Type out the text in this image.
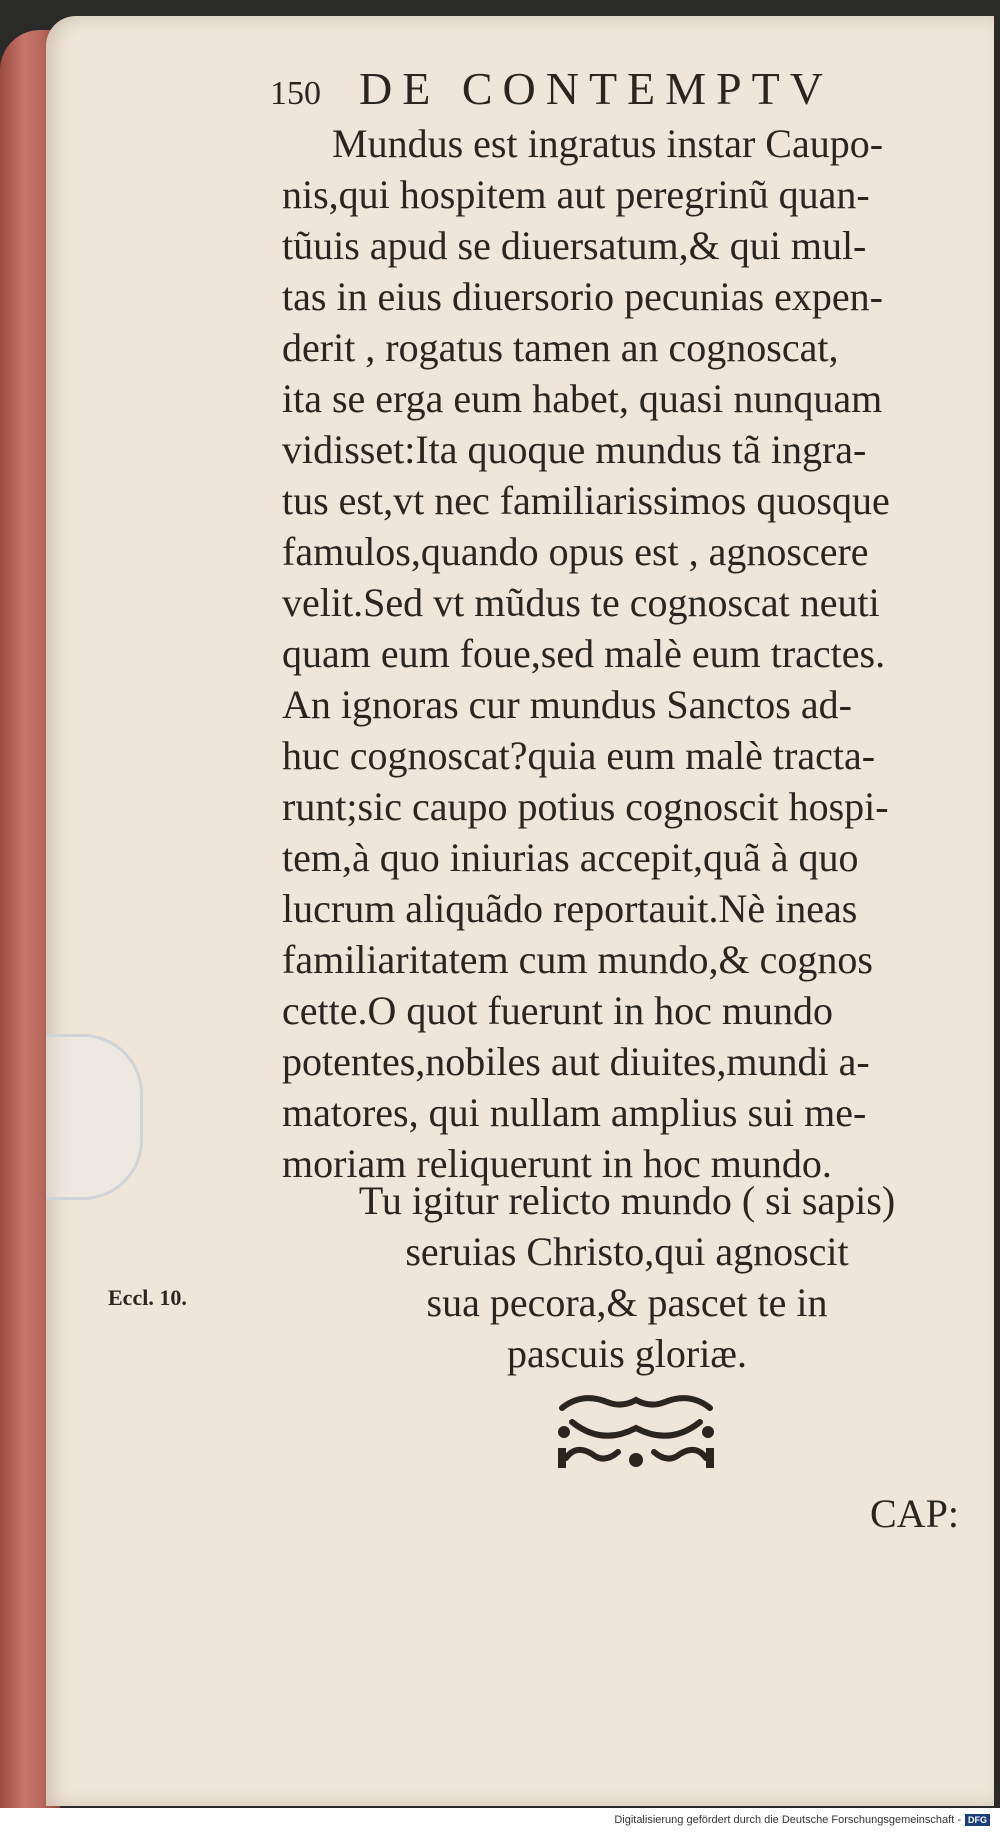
150 DE CONTEMPTV
Mundus est ingratus instar Caupo-
nis,qui hospitem aut peregrinũ quan-
tũuis apud se diuersatum,& qui mul-
tas in eius diuersorio pecunias expen-
derit , rogatus tamen an cognoscat,
ita se erga eum habet, quasi nunquam
vidisset:Ita quoque mundus tã ingra-
tus est,vt nec familiarissimos quosque
famulos,quando opus est , agnoscere
velit.Sed vt mũdus te cognoscat neuti
quam eum foue,sed malè eum tractes.
An ignoras cur mundus Sanctos ad-
huc cognoscat?quia eum malè tracta-
runt;sic caupo potius cognoscit hospi-
tem,à quo iniurias accepit,quã à quo
lucrum aliquãdo reportauit.Nè ineas
familiaritatem cum mundo,& cognos
cette.O quot fuerunt in hoc mundo
potentes,nobiles aut diuites,mundi a-
matores, qui nullam amplius sui me-
moriam reliquerunt in hoc mundo.
Tu igitur relicto mundo ( si sapis)
seruias Christo,qui agnoscit
sua pecora,& pascet te in
pascuis gloriæ.
Eccl. 10.
CAP:
Digitalisierung gefördert durch die Deutsche Forschungsgemeinschaft - DFG
